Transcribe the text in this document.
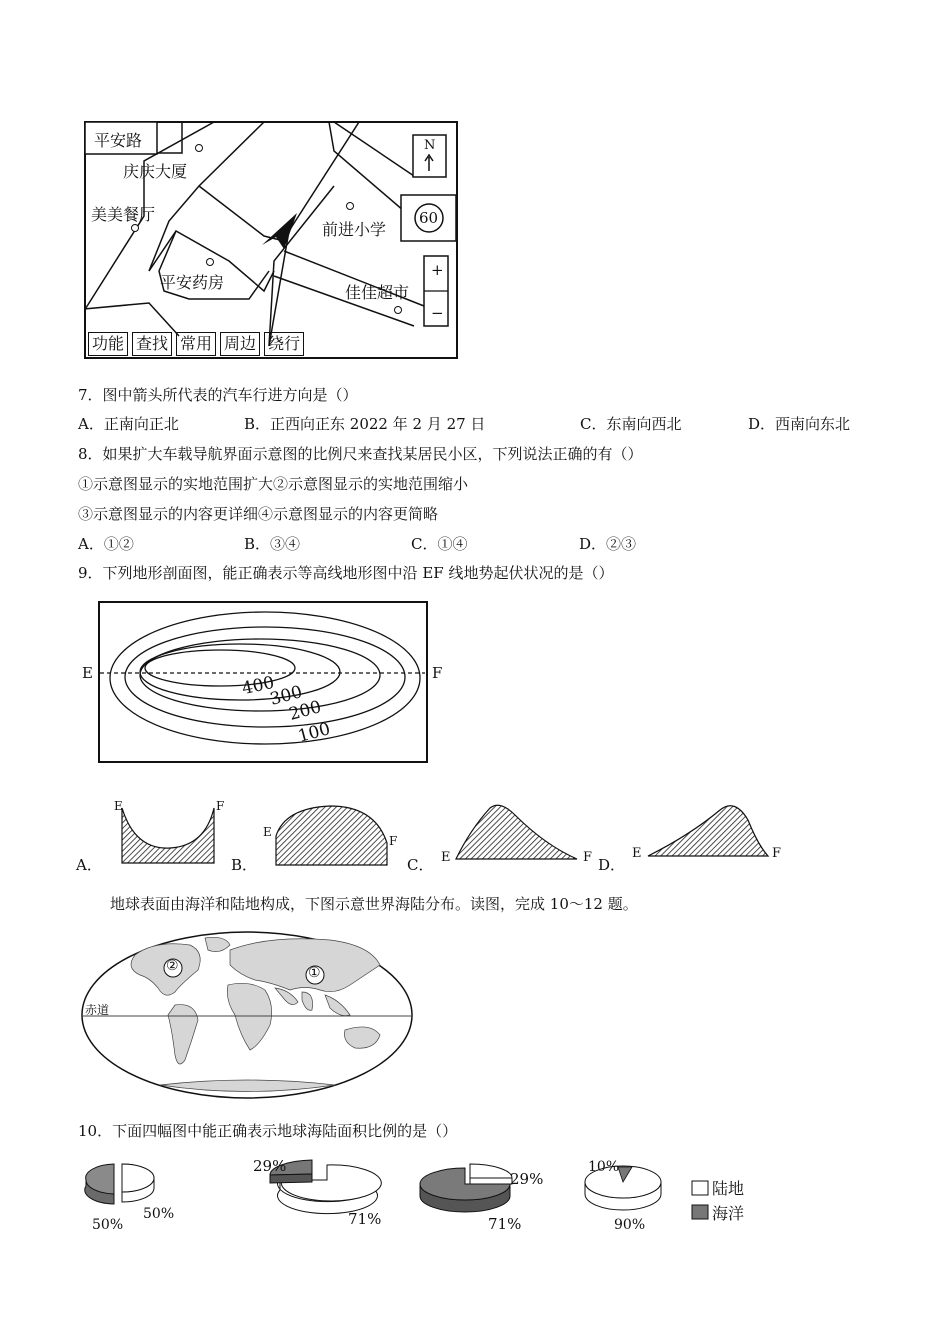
平安路
庆庆大厦
美美餐厅
平安药房
前进小学
佳佳超市
N
60
+
−
功能 查找 常用 周边 绕行
7．图中箭头所代表的汽车行进方向是（）
A．正南向正北	B．正西向正东 2022 年 2 月 27 日	C．东南向西北	D．西南向东北
8．如果扩大车载导航界面示意图的比例尺来查找某居民小区，下列说法正确的有（）
①示意图显示的实地范围扩大②示意图显示的实地范围缩小
③示意图显示的内容更详细④示意图显示的内容更简略
A．①②	B．③④	C．①④	D．②③
9．下列地形剖面图，能正确表示等高线地形图中沿 EF 线地势起伏状况的是（）
E	F
400
300
200
100
A．	B．	C．	D．
E	F
E
F
E	F	E	F
地球表面由海洋和陆地构成，下图示意世界海陆分布。读图，完成 10～12 题。
赤道
①
②
10．下面四幅图中能正确表示地球海陆面积比例的是（）
50%
50%
29%
71%
29%
71%
10%
90%
陆地
海洋
